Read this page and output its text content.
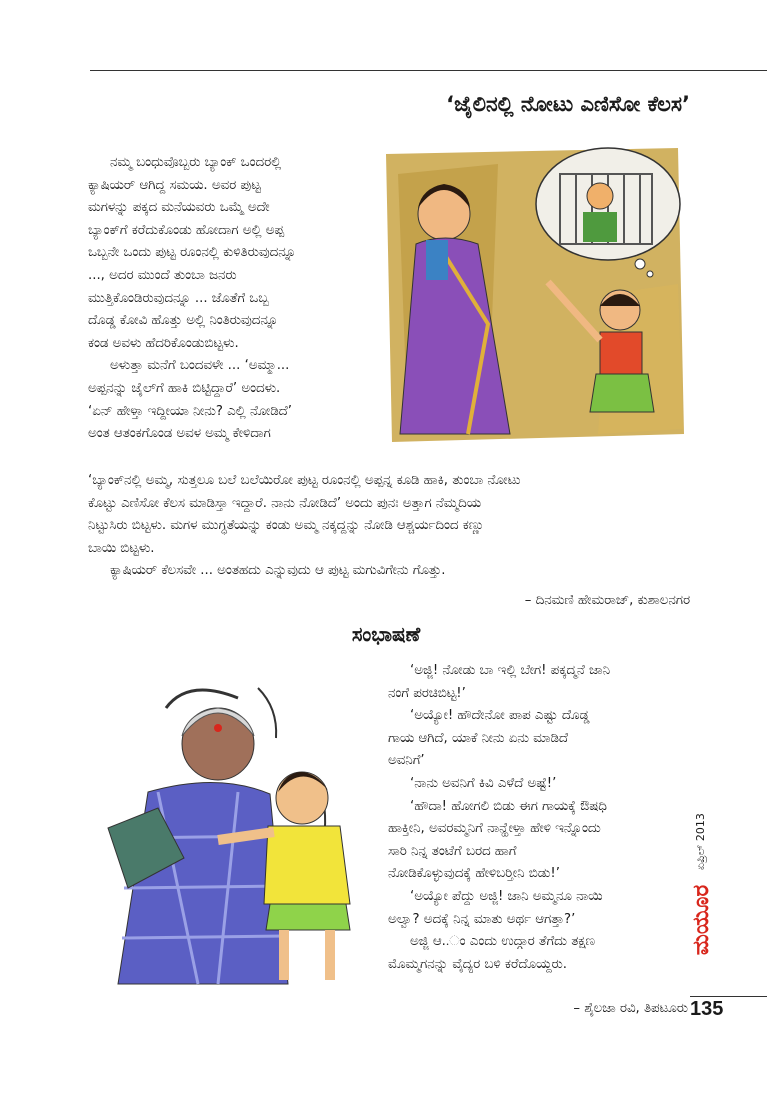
‘ಜೈಲಿನಲ್ಲಿ ನೋಟು ಎಣಿಸೋ ಕೆಲಸ’
ನಮ್ಮ ಬಂಧುವೊಬ್ಬರು ಬ್ಯಾಂಕ್ ಒಂದರಲ್ಲಿ
ಕ್ಯಾಷಿಯರ್ ಆಗಿದ್ದ ಸಮಯ. ಅವರ ಪುಟ್ಟ
ಮಗಳನ್ನು ಪಕ್ಕದ ಮನೆಯವರು ಒಮ್ಮೆ ಅದೇ
ಬ್ಯಾಂಕ್‌ಗೆ ಕರೆದುಕೊಂಡು ಹೋದಾಗ ಅಲ್ಲಿ ಅಪ್ಪ
ಒಬ್ಬನೇ ಒಂದು ಪುಟ್ಟ ರೂಂನಲ್ಲಿ ಕುಳಿತಿರುವುದನ್ನೂ
..., ಅದರ ಮುಂದೆ ತುಂಬಾ ಜನರು
ಮುತ್ತಿಕೊಂಡಿರುವುದನ್ನೂ ... ಜೊತೆಗೆ ಒಬ್ಬ
ದೊಡ್ಡ ಕೋವಿ ಹೊತ್ತು ಅಲ್ಲಿ ನಿಂತಿರುವುದನ್ನೂ
ಕಂಡ ಅವಳು ಹೆದರಿಕೊಂಡುಬಿಟ್ಟಳು.
ಅಳುತ್ತಾ ಮನೆಗೆ ಬಂದವಳೇ ... ‘ಅಮ್ಮಾ...
ಅಪ್ಪನನ್ನು ಜೈಲ್‌ಗೆ ಹಾಕಿ ಬಿಟ್ಟಿದ್ದಾರೆ’ ಅಂದಳು.
‘ಏನ್ ಹೇಳ್ತಾ ಇದ್ದೀಯಾ ನೀನು? ಎಲ್ಲಿ ನೋಡಿದೆ’
ಅಂತ ಆತಂಕಗೊಂಡ ಅವಳ ಅಮ್ಮ ಕೇಳಿದಾಗ
‘ಬ್ಯಾಂಕ್‌ನಲ್ಲಿ ಅಮ್ಮ, ಸುತ್ತಲೂ ಬಲೆ ಬಲೆಯಿರೋ ಪುಟ್ಟ ರೂಂನಲ್ಲಿ ಅಪ್ಪನ್ನ ಕೂಡಿ ಹಾಕಿ, ತುಂಬಾ ನೋಟು
ಕೊಟ್ಟು ಎಣಿಸೋ ಕೆಲಸ ಮಾಡಿಸ್ತಾ ಇದ್ದಾರೆ. ನಾನು ನೋಡಿದೆ’ ಅಂದು ಪುನಃ ಅತ್ತಾಗ ನೆಮ್ಮದಿಯ
ನಿಟ್ಟುಸಿರು ಬಿಟ್ಟಳು. ಮಗಳ ಮುಗ್ಧತೆಯನ್ನು ಕಂಡು ಅಮ್ಮ ನಕ್ಕದ್ದನ್ನು ನೋಡಿ ಆಶ್ಚರ್ಯದಿಂದ ಕಣ್ಣು
ಬಾಯಿ ಬಿಟ್ಟಳು.
ಕ್ಯಾಷಿಯರ್ ಕೆಲಸವೇ ... ಅಂತಹದು ಎನ್ನುವುದು ಆ ಪುಟ್ಟ ಮಗುವಿಗೇನು ಗೊತ್ತು.
– ದಿನಮಣಿ ಹೇಮರಾಜ್, ಕುಶಾಲನಗರ
ಸಂಭಾಷಣೆ
‘ಅಜ್ಜಿ! ನೋಡು ಬಾ ಇಲ್ಲಿ ಬೇಗ! ಪಕ್ಕದ್ಮನೆ ಜಾನಿ
ನಂಗೆ ಪರಚಿಬಿಟ್ಟ!’
‘ಅಯ್ಯೋ! ಹೌದೇನೋ ಪಾಪ ಎಷ್ಟು ದೊಡ್ಡ
ಗಾಯ ಆಗಿದೆ, ಯಾಕೆ ನೀನು ಏನು ಮಾಡಿದೆ
ಅವನಿಗೆ’
‘ನಾನು ಅವನಿಗೆ ಕಿವಿ ಎಳೆದೆ ಅಷ್ಟೆ!’
‘ಹೌದಾ! ಹೋಗಲಿ ಬಿಡು ಈಗ ಗಾಯಕ್ಕೆ ಔಷಧಿ
ಹಾಕ್ತೀನಿ, ಅವರಮ್ಮನಿಗೆ ನಾನ್ಹೇಳ್ತಾ ಹೇಳಿ ಇನ್ನೊಂದು
ಸಾರಿ ನಿನ್ನ ತಂಟೆಗೆ ಬರದ ಹಾಗೆ
ನೋಡಿಕೊಳ್ಳುವುದಕ್ಕೆ ಹೇಳಿಬರ್‍ತೀನಿ ಬಿಡು!’
‘ಅಯ್ಯೋ ಪೆದ್ದು ಅಜ್ಜಿ! ಜಾನಿ ಅಮ್ಮನೂ ನಾಯಿ
ಅಲ್ವಾ? ಅದಕ್ಕೆ ನಿನ್ನ ಮಾತು ಅರ್ಥ ಆಗತ್ತಾ?’
ಅಜ್ಜಿ ಆ..ಂ ಎಂದು ಉದ್ಗಾರ ತೆಗೆದು ತಕ್ಷಣ
ಮೊಮ್ಮಗನನ್ನು ವೈದ್ಯರ ಬಳಿ ಕರೆದೊಯ್ದರು.
– ಶೈಲಜಾ ರವಿ, ತಿಪಟೂರು
ಏಪ್ರಿಲ್ 2013
ಮಯೂರ
135
